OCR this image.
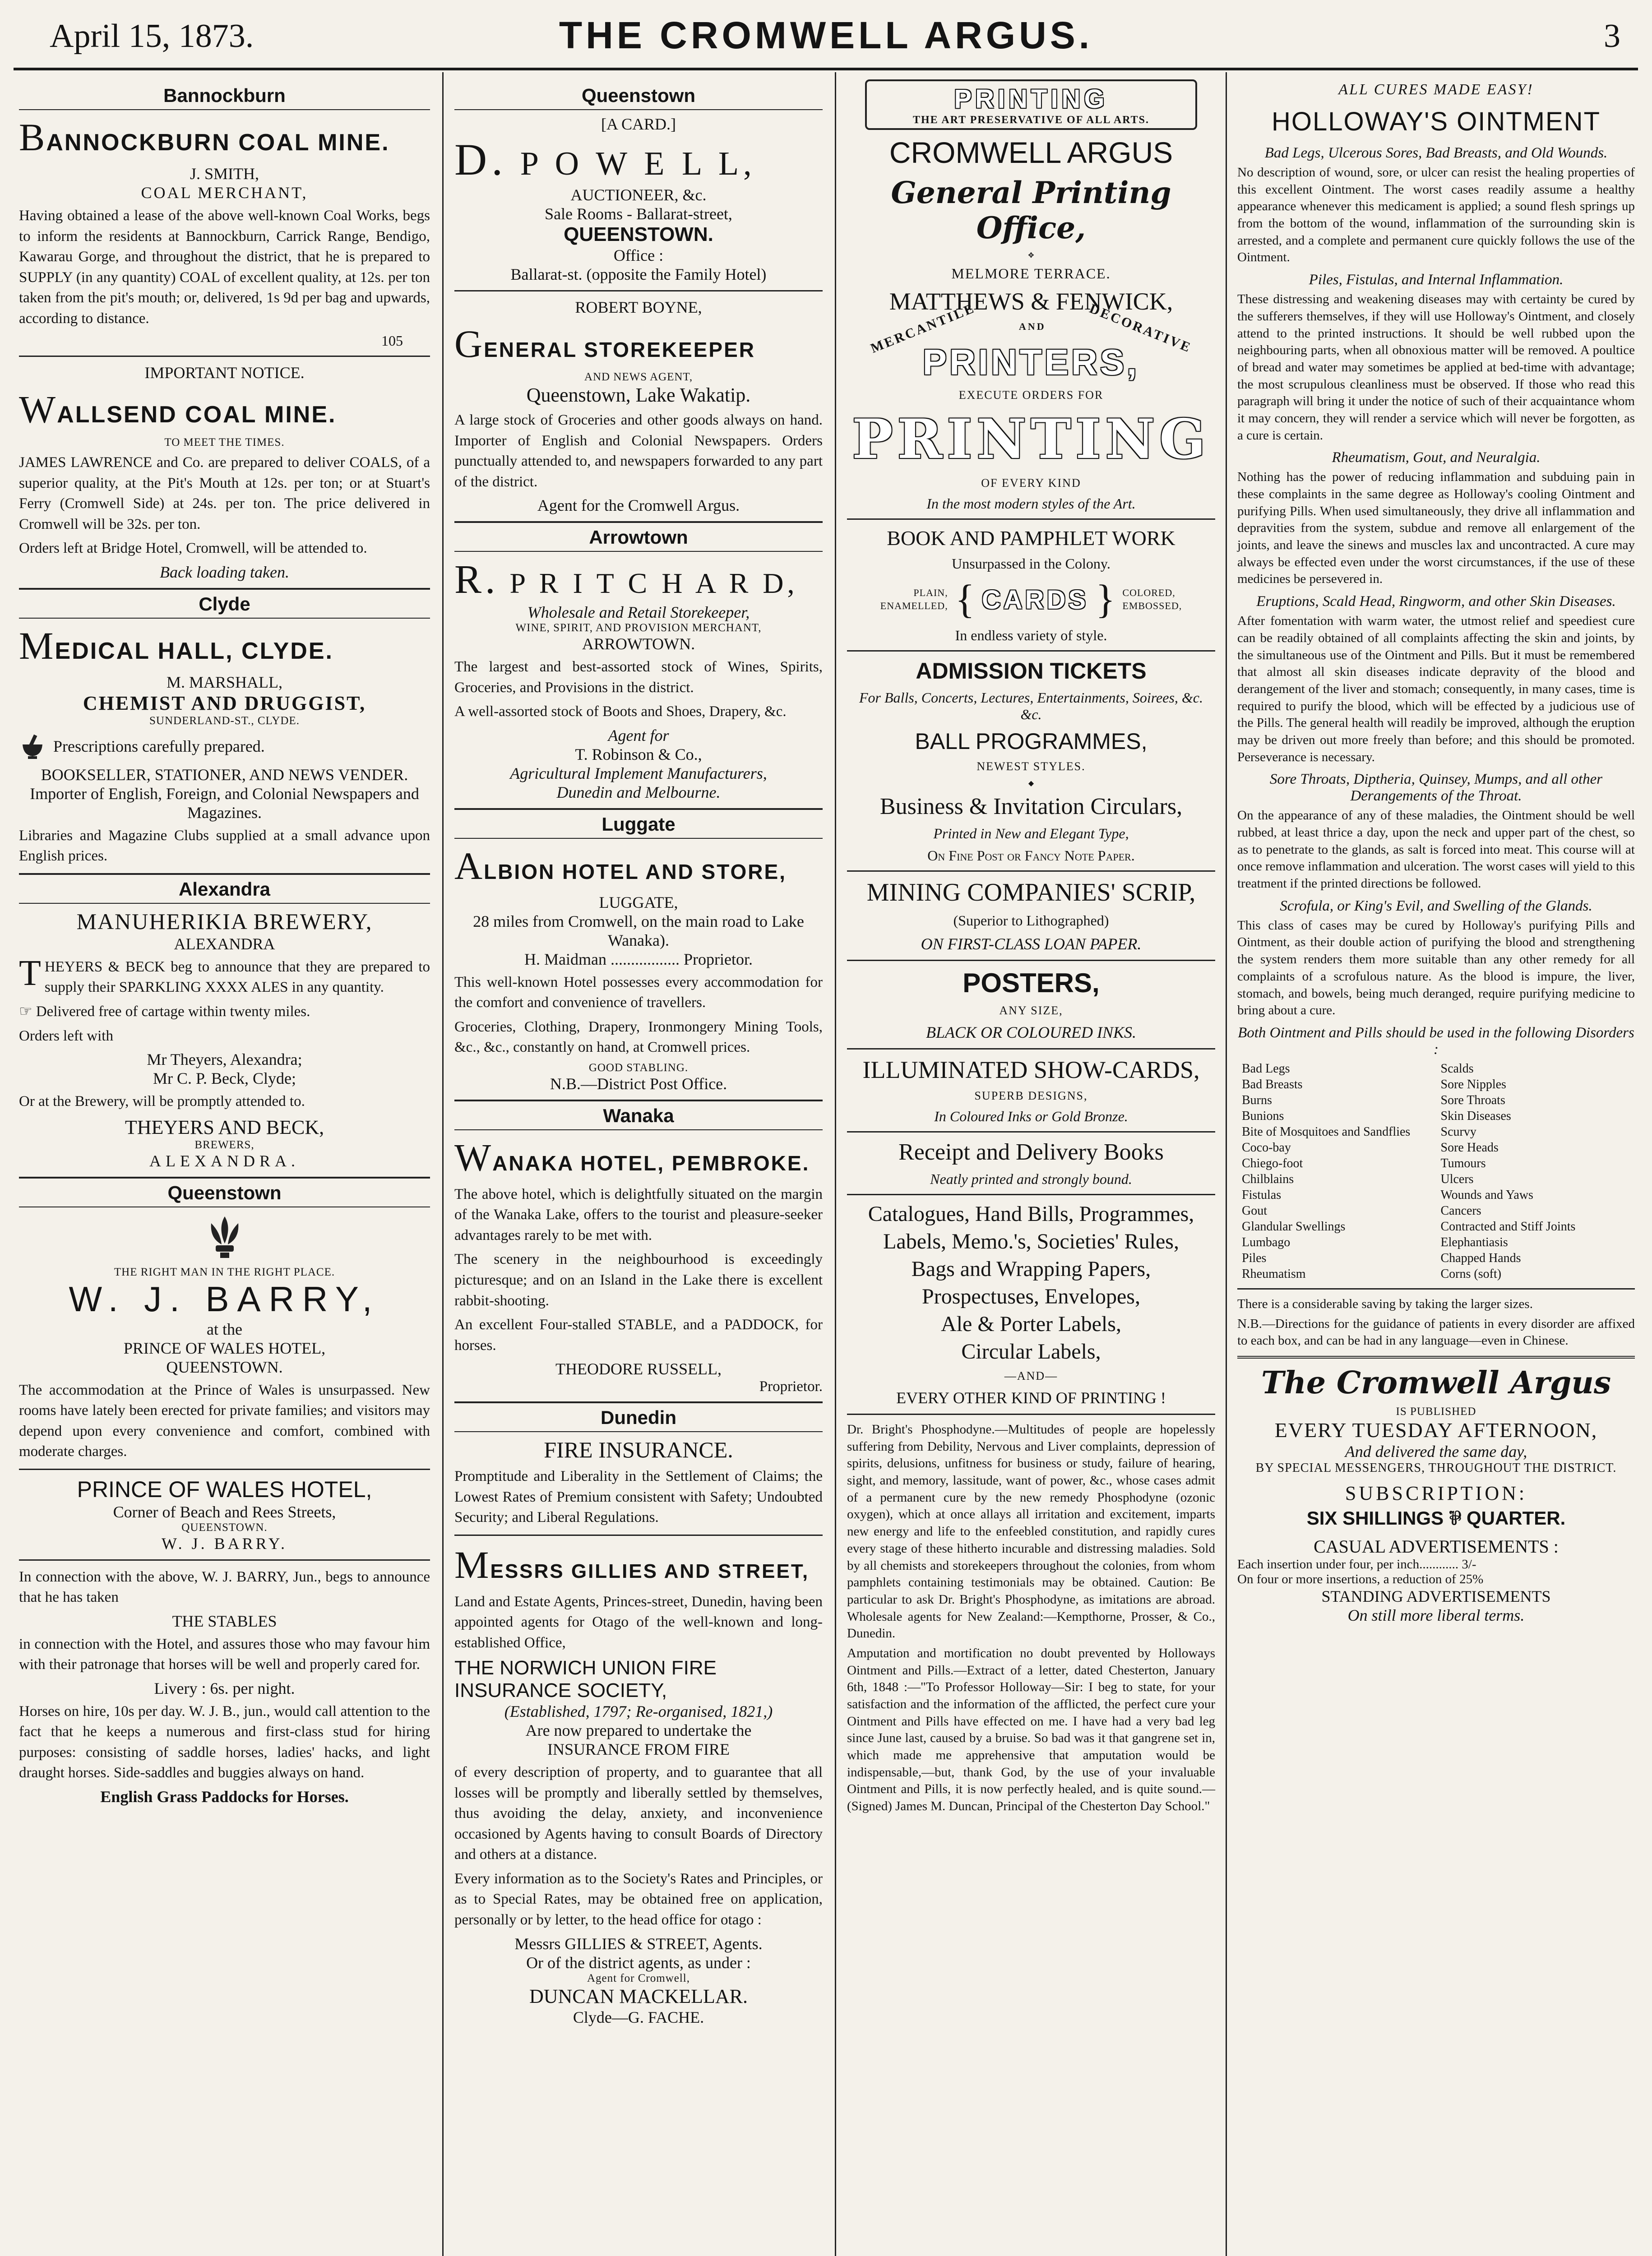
April 15, 1873.	THE CROMWELL ARGUS.	3
Bannockburn
BANNOCKBURN COAL MINE.
J. SMITH,
COAL MERCHANT,

Having obtained a lease of the above well-known Coal Works, begs to inform the residents at Bannockburn, Carrick Range, Bendigo, Kawarau Gorge, and throughout the district, that he is prepared to SUPPLY (in any quantity) COAL of excellent quality, at 12s. per ton taken from the pit's mouth; or, delivered, 1s 9d per bag and upwards, according to distance.

105
IMPORTANT NOTICE.
WALLSEND COAL MINE.
TO MEET THE TIMES.

JAMES LAWRENCE and Co. are prepared to deliver COALS, of a superior quality, at the Pit's Mouth at 12s. per ton; or at Stuart's Ferry (Cromwell Side) at 24s. per ton. The price delivered in Cromwell will be 32s. per ton.

Orders left at Bridge Hotel, Cromwell, will be attended to.

Back loading taken.
Clyde
MEDICAL HALL, CLYDE.
M. MARSHALL,
CHEMIST AND DRUGGIST,
SUNDERLAND-ST., CLYDE.
Prescriptions carefully prepared.
BOOKSELLER, STATIONER, AND NEWS VENDER.
Importer of English, Foreign, and Colonial Newspapers and Magazines.

Libraries and Magazine Clubs supplied at a small advance upon English prices.

Alexandra
MANUHERIKIA BREWERY,
ALEXANDRA

THEYERS & BECK beg to announce that they are prepared to supply their SPARKLING XXXX ALES in any quantity.

☞ Delivered free of cartage within twenty miles.

Orders left with

Mr Theyers, Alexandra;
Mr C. P. Beck, Clyde;

Or at the Brewery, will be promptly attended to.

THEYERS AND BECK,
BREWERS,
ALEXANDRA.
Queenstown
THE RIGHT MAN IN THE RIGHT PLACE.
W. J. BARRY,
at the
PRINCE OF WALES HOTEL,
QUEENSTOWN.

The accommodation at the Prince of Wales is unsurpassed. New rooms have lately been erected for private families; and visitors may depend upon every convenience and comfort, combined with moderate charges.

PRINCE OF WALES HOTEL,
Corner of Beach and Rees Streets,
QUEENSTOWN.
W. J. BARRY.

In connection with the above, W. J. BARRY, Jun., begs to announce that he has taken

THE STABLES

in connection with the Hotel, and assures those who may favour him with their patronage that horses will be well and properly cared for.

Livery : 6s. per night.

Horses on hire, 10s per day. W. J. B., jun., would call attention to the fact that he keeps a numerous and first-class stud for hiring purposes: consisting of saddle horses, ladies' hacks, and light draught horses. Side-saddles and buggies always on hand.

English Grass Paddocks for Horses.
Queenstown
[A CARD.]
D. P O W E L L,
AUCTIONEER, &c.
Sale Rooms - Ballarat-street,
QUEENSTOWN.
Office :
Ballarat-st. (opposite the Family Hotel)
ROBERT BOYNE,
GENERAL STOREKEEPER
AND NEWS AGENT,
Queenstown, Lake Wakatip.

A large stock of Groceries and other goods always on hand. Importer of English and Colonial Newspapers. Orders punctually attended to, and newspapers forwarded to any part of the district.

Agent for the Cromwell Argus.
Arrowtown
R. P R I T C H A R D,
Wholesale and Retail Storekeeper,
WINE, SPIRIT, AND PROVISION MERCHANT,
ARROWTOWN.

The largest and best-assorted stock of Wines, Spirits, Groceries, and Provisions in the district.

A well-assorted stock of Boots and Shoes, Drapery, &c.

Agent for
T. Robinson & Co.,
Agricultural Implement Manufacturers,
Dunedin and Melbourne.
Luggate
ALBION HOTEL AND STORE,
LUGGATE,
28 miles from Cromwell, on the main road to Lake Wanaka).
H. Maidman ................. Proprietor.

This well-known Hotel possesses every accommodation for the comfort and convenience of travellers.

Groceries, Clothing, Drapery, Ironmongery Mining Tools, &c., &c., constantly on hand, at Cromwell prices.

GOOD STABLING.
N.B.—District Post Office.
Wanaka
WANAKA HOTEL, PEMBROKE.

The above hotel, which is delightfully situated on the margin of the Wanaka Lake, offers to the tourist and pleasure-seeker advantages rarely to be met with.

The scenery in the neighbourhood is exceedingly picturesque; and on an Island in the Lake there is excellent rabbit-shooting.

An excellent Four-stalled STABLE, and a PADDOCK, for horses.

THEODORE RUSSELL,
Proprietor.
Dunedin
FIRE INSURANCE.

Promptitude and Liberality in the Settlement of Claims; the Lowest Rates of Premium consistent with Safety; Undoubted Security; and Liberal Regulations.

MESSRS GILLIES AND STREET,

Land and Estate Agents, Princes-street, Dunedin, having been appointed agents for Otago of the well-known and long-established Office,

THE NORWICH UNION FIRE INSURANCE SOCIETY,
(Established, 1797; Re-organised, 1821,)
Are now prepared to undertake the
INSURANCE FROM FIRE

of every description of property, and to guarantee that all losses will be promptly and liberally settled by themselves, thus avoiding the delay, anxiety, and inconvenience occasioned by Agents having to consult Boards of Directory and others at a distance.

Every information as to the Society's Rates and Principles, or as to Special Rates, may be obtained free on application, personally or by letter, to the head office for otago :

Messrs GILLIES & STREET, Agents.
Or of the district agents, as under :
Agent for Cromwell,
DUNCAN MACKELLAR.
Clyde—G. FACHE.
PRINTING
THE ART PRESERVATIVE OF ALL ARTS.
CROMWELL ARGUS
General Printing Office,
✥
MELMORE TERRACE.
MATTHEWS & FENWICK,
MERCANTILE	AND	DECORATIVE
PRINTERS,
EXECUTE ORDERS FOR
PRINTING
OF EVERY KIND
In the most modern styles of the Art.
BOOK AND PAMPHLET WORK
Unsurpassed in the Colony.
PLAIN,
ENAMELLED, { CARDS } COLORED,
EMBOSSED,
In endless variety of style.
ADMISSION TICKETS
For Balls, Concerts, Lectures, Entertainments, Soirees, &c. &c.
BALL PROGRAMMES,
NEWEST STYLES.
◆
Business & Invitation Circulars,
Printed in New and Elegant Type,
On Fine Post or Fancy Note Paper.
MINING COMPANIES' SCRIP,
(Superior to Lithographed)
ON FIRST-CLASS LOAN PAPER.
POSTERS,
ANY SIZE,
BLACK OR COLOURED INKS.
ILLUMINATED SHOW-CARDS,
SUPERB DESIGNS,
In Coloured Inks or Gold Bronze.
Receipt and Delivery Books
Neatly printed and strongly bound.
Catalogues, Hand Bills, Programmes,
Labels, Memo.'s, Societies' Rules,
Bags and Wrapping Papers,
Prospectuses, Envelopes,
Ale & Porter Labels,
Circular Labels,
—AND—
EVERY OTHER KIND OF PRINTING !

Dr. Bright's Phosphodyne.—Multitudes of people are hopelessly suffering from Debility, Nervous and Liver complaints, depression of spirits, delusions, unfitness for business or study, failure of hearing, sight, and memory, lassitude, want of power, &c., whose cases admit of a permanent cure by the new remedy Phosphodyne (ozonic oxygen), which at once allays all irritation and excitement, imparts new energy and life to the enfeebled constitution, and rapidly cures every stage of these hitherto incurable and distressing maladies. Sold by all chemists and storekeepers throughout the colonies, from whom pamphlets containing testimonials may be obtained. Caution: Be particular to ask Dr. Bright's Phosphodyne, as imitations are abroad. Wholesale agents for New Zealand:—Kempthorne, Prosser, & Co., Dunedin.

Amputation and mortification no doubt prevented by Holloways Ointment and Pills.—Extract of a letter, dated Chesterton, January 6th, 1848 :—"To Professor Holloway—Sir: I beg to state, for your satisfaction and the information of the afflicted, the perfect cure your Ointment and Pills have effected on me. I have had a very bad leg since June last, caused by a bruise. So bad was it that gangrene set in, which made me apprehensive that amputation would be indispensable,—but, thank God, by the use of your invaluable Ointment and Pills, it is now perfectly healed, and is quite sound.—(Signed) James M. Duncan, Principal of the Chesterton Day School."

ALL CURES MADE EASY!
HOLLOWAY'S OINTMENT
Bad Legs, Ulcerous Sores, Bad Breasts, and Old Wounds.

No description of wound, sore, or ulcer can resist the healing properties of this excellent Ointment. The worst cases readily assume a healthy appearance whenever this medicament is applied; a sound flesh springs up from the bottom of the wound, inflammation of the surrounding skin is arrested, and a complete and permanent cure quickly follows the use of the Ointment.

Piles, Fistulas, and Internal Inflammation.

These distressing and weakening diseases may with certainty be cured by the sufferers themselves, if they will use Holloway's Ointment, and closely attend to the printed instructions. It should be well rubbed upon the neighbouring parts, when all obnoxious matter will be removed. A poultice of bread and water may sometimes be applied at bed-time with advantage; the most scrupulous cleanliness must be observed. If those who read this paragraph will bring it under the notice of such of their acquaintance whom it may concern, they will render a service which will never be forgotten, as a cure is certain.

Rheumatism, Gout, and Neuralgia.

Nothing has the power of reducing inflammation and subduing pain in these complaints in the same degree as Holloway's cooling Ointment and purifying Pills. When used simultaneously, they drive all inflammation and depravities from the system, subdue and remove all enlargement of the joints, and leave the sinews and muscles lax and uncontracted. A cure may always be effected even under the worst circumstances, if the use of these medicines be persevered in.

Eruptions, Scald Head, Ringworm, and other Skin Diseases.

After fomentation with warm water, the utmost relief and speediest cure can be readily obtained of all complaints affecting the skin and joints, by the simultaneous use of the Ointment and Pills. But it must be remembered that almost all skin diseases indicate depravity of the blood and derangement of the liver and stomach; consequently, in many cases, time is required to purify the blood, which will be effected by a judicious use of the Pills. The general health will readily be improved, although the eruption may be driven out more freely than before; and this should be promoted. Perseverance is necessary.

Sore Throats, Diptheria, Quinsey, Mumps, and all other Derangements of the Throat.

On the appearance of any of these maladies, the Ointment should be well rubbed, at least thrice a day, upon the neck and upper part of the chest, so as to penetrate to the glands, as salt is forced into meat. This course will at once remove inflammation and ulceration. The worst cases will yield to this treatment if the printed directions be followed.

Scrofula, or King's Evil, and Swelling of the Glands.

This class of cases may be cured by Holloway's purifying Pills and Ointment, as their double action of purifying the blood and strengthening the system renders them more suitable than any other remedy for all complaints of a scrofulous nature. As the blood is impure, the liver, stomach, and bowels, being much deranged, require purifying medicine to bring about a cure.

Both Ointment and Pills should be used in the following Disorders :
Bad Legs	Scalds
Bad Breasts	Sore Nipples
Burns	Sore Throats
Bunions	Skin Diseases
Bite of Mosquitoes and Sandflies	Scurvy
Coco-bay	Sore Heads
Chiego-foot	Tumours
Chilblains	Ulcers
Fistulas	Wounds and Yaws
Gout	Cancers
Glandular Swellings	Contracted and Stiff Joints
Lumbago	Elephantiasis
Piles	Chapped Hands
Rheumatism	Corns (soft)

There is a considerable saving by taking the larger sizes.

N.B.—Directions for the guidance of patients in every disorder are affixed to each box, and can be had in any language—even in Chinese.

The Cromwell Argus
IS PUBLISHED
EVERY TUESDAY AFTERNOON,
And delivered the same day,
BY SPECIAL MESSENGERS, THROUGHOUT THE DISTRICT.
SUBSCRIPTION:
SIX SHILLINGS ⅌ QUARTER.
CASUAL ADVERTISEMENTS :
Each insertion under four, per inch............ 3/-
On four or more insertions, a reduction of 25%
STANDING ADVERTISEMENTS
On still more liberal terms.
